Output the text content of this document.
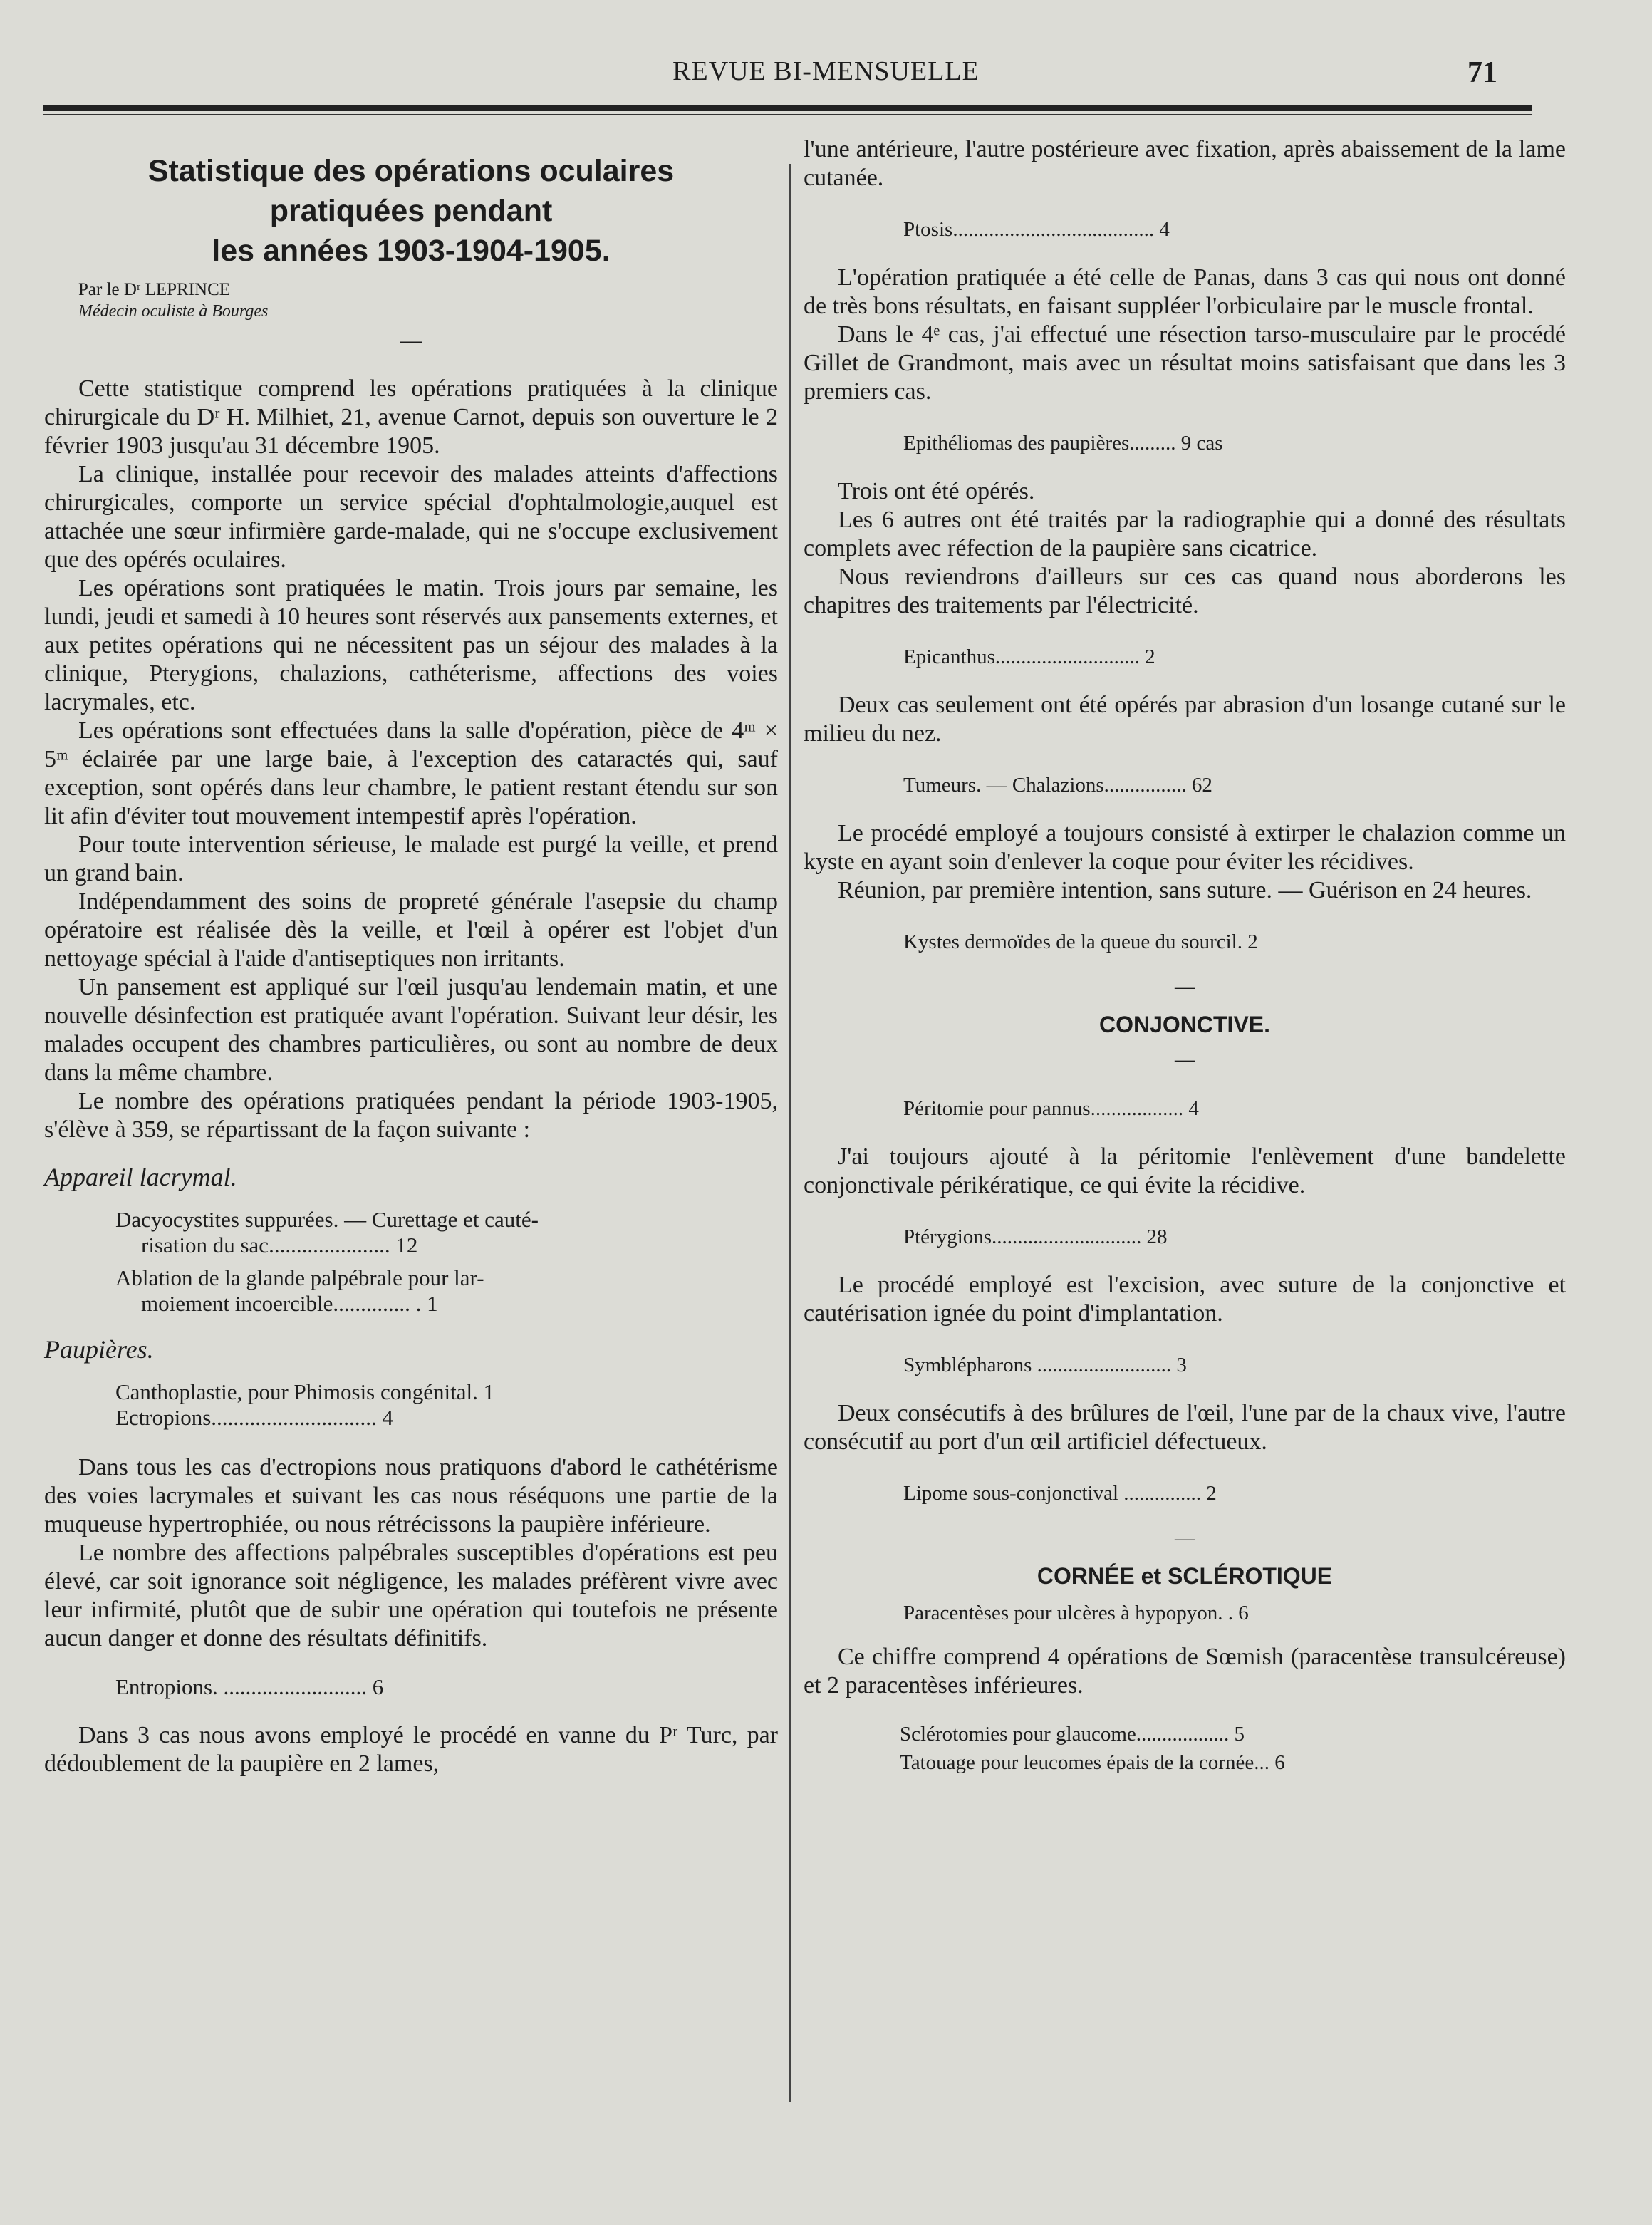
REVUE BI-MENSUELLE	71
Statistique des opérations oculaires
pratiquées pendant
les années 1903-1904-1905.

Par le Dʳ LEPRINCE

Médecin oculiste à Bourges

—

Cette statistique comprend les opérations pratiquées à la clinique chirurgicale du Dʳ H. Milhiet, 21, avenue Carnot, depuis son ouverture le 2 février 1903 jusqu'au 31 décembre 1905.

La clinique, installée pour recevoir des malades atteints d'affections chirurgicales, comporte un service spécial d'ophtalmologie,auquel est attachée une sœur infirmière garde-malade, qui ne s'occupe exclusivement que des opérés oculaires.

Les opérations sont pratiquées le matin. Trois jours par semaine, les lundi, jeudi et samedi à 10 heures sont réservés aux pansements externes, et aux petites opérations qui ne nécessitent pas un séjour des malades à la clinique, Pterygions, chalazions, cathéterisme, affections des voies lacrymales, etc.

Les opérations sont effectuées dans la salle d'opération, pièce de 4ᵐ × 5ᵐ éclairée par une large baie, à l'exception des cataractés qui, sauf exception, sont opérés dans leur chambre, le patient restant étendu sur son lit afin d'éviter tout mouvement intempestif après l'opération.

Pour toute intervention sérieuse, le malade est purgé la veille, et prend un grand bain.

Indépendamment des soins de propreté générale l'asepsie du champ opératoire est réalisée dès la veille, et l'œil à opérer est l'objet d'un nettoyage spécial à l'aide d'antiseptiques non irritants.

Un pansement est appliqué sur l'œil jusqu'au lendemain matin, et une nouvelle désinfection est pratiquée avant l'opération. Suivant leur désir, les malades occupent des chambres particulières, ou sont au nombre de deux dans la même chambre.

Le nombre des opérations pratiquées pendant la période 1903-1905, s'élève à 359, se répartissant de la façon suivante :

Appareil lacrymal.
Dacyocystites suppurées. — Curettage et cauté-
risation du sac...................... 12
Ablation de la glande palpébrale pour lar-
moiement incoercible.............. . 1
Paupières.
Canthoplastie, pour Phimosis congénital. 1
Ectropions.............................. 4

Dans tous les cas d'ectropions nous pratiquons d'abord le cathétérisme des voies lacrymales et suivant les cas nous réséquons une partie de la muqueuse hypertrophiée, ou nous rétrécissons la paupière inférieure.

Le nombre des affections palpébrales susceptibles d'opérations est peu élevé, car soit ignorance soit négligence, les malades préfèrent vivre avec leur infirmité, plutôt que de subir une opération qui toutefois ne présente aucun danger et donne des résultats définitifs.

Entropions. .......................... 6

Dans 3 cas nous avons employé le procédé en vanne du Pʳ Turc, par dédoublement de la paupière en 2 lames,

l'une antérieure, l'autre postérieure avec fixation, après abaissement de la lame cutanée.

Ptosis....................................... 4

L'opération pratiquée a été celle de Panas, dans 3 cas qui nous ont donné de très bons résultats, en faisant suppléer l'orbiculaire par le muscle frontal.

Dans le 4ᵉ cas, j'ai effectué une résection tarso-musculaire par le procédé Gillet de Grandmont, mais avec un résultat moins satisfaisant que dans les 3 premiers cas.

Epithéliomas des paupières......... 9 cas

Trois ont été opérés.

Les 6 autres ont été traités par la radiographie qui a donné des résultats complets avec réfection de la paupière sans cicatrice.

Nous reviendrons d'ailleurs sur ces cas quand nous aborderons les chapitres des traitements par l'électricité.

Epicanthus............................ 2

Deux cas seulement ont été opérés par abrasion d'un losange cutané sur le milieu du nez.

Tumeurs. — Chalazions................ 62

Le procédé employé a toujours consisté à extirper le chalazion comme un kyste en ayant soin d'enlever la coque pour éviter les récidives.

Réunion, par première intention, sans suture. — Guérison en 24 heures.

Kystes dermoïdes de la queue du sourcil. 2
—
CONJONCTIVE.
—
Péritomie pour pannus.................. 4

J'ai toujours ajouté à la péritomie l'enlèvement d'une bandelette conjonctivale périkératique, ce qui évite la récidive.

Ptérygions............................. 28

Le procédé employé est l'excision, avec suture de la conjonctive et cautérisation ignée du point d'implantation.

Symblépharons .......................... 3

Deux consécutifs à des brûlures de l'œil, l'une par de la chaux vive, l'autre consécutif au port d'un œil artificiel défectueux.

Lipome sous-conjonctival ............... 2
—
CORNÉE et SCLÉROTIQUE
Paracentèses pour ulcères à hypopyon. . 6

Ce chiffre comprend 4 opérations de Sœmish (paracentèse transulcéreuse) et 2 paracentèses inférieures.

Sclérotomies pour glaucome.................. 5
Tatouage pour leucomes épais de la cornée... 6
